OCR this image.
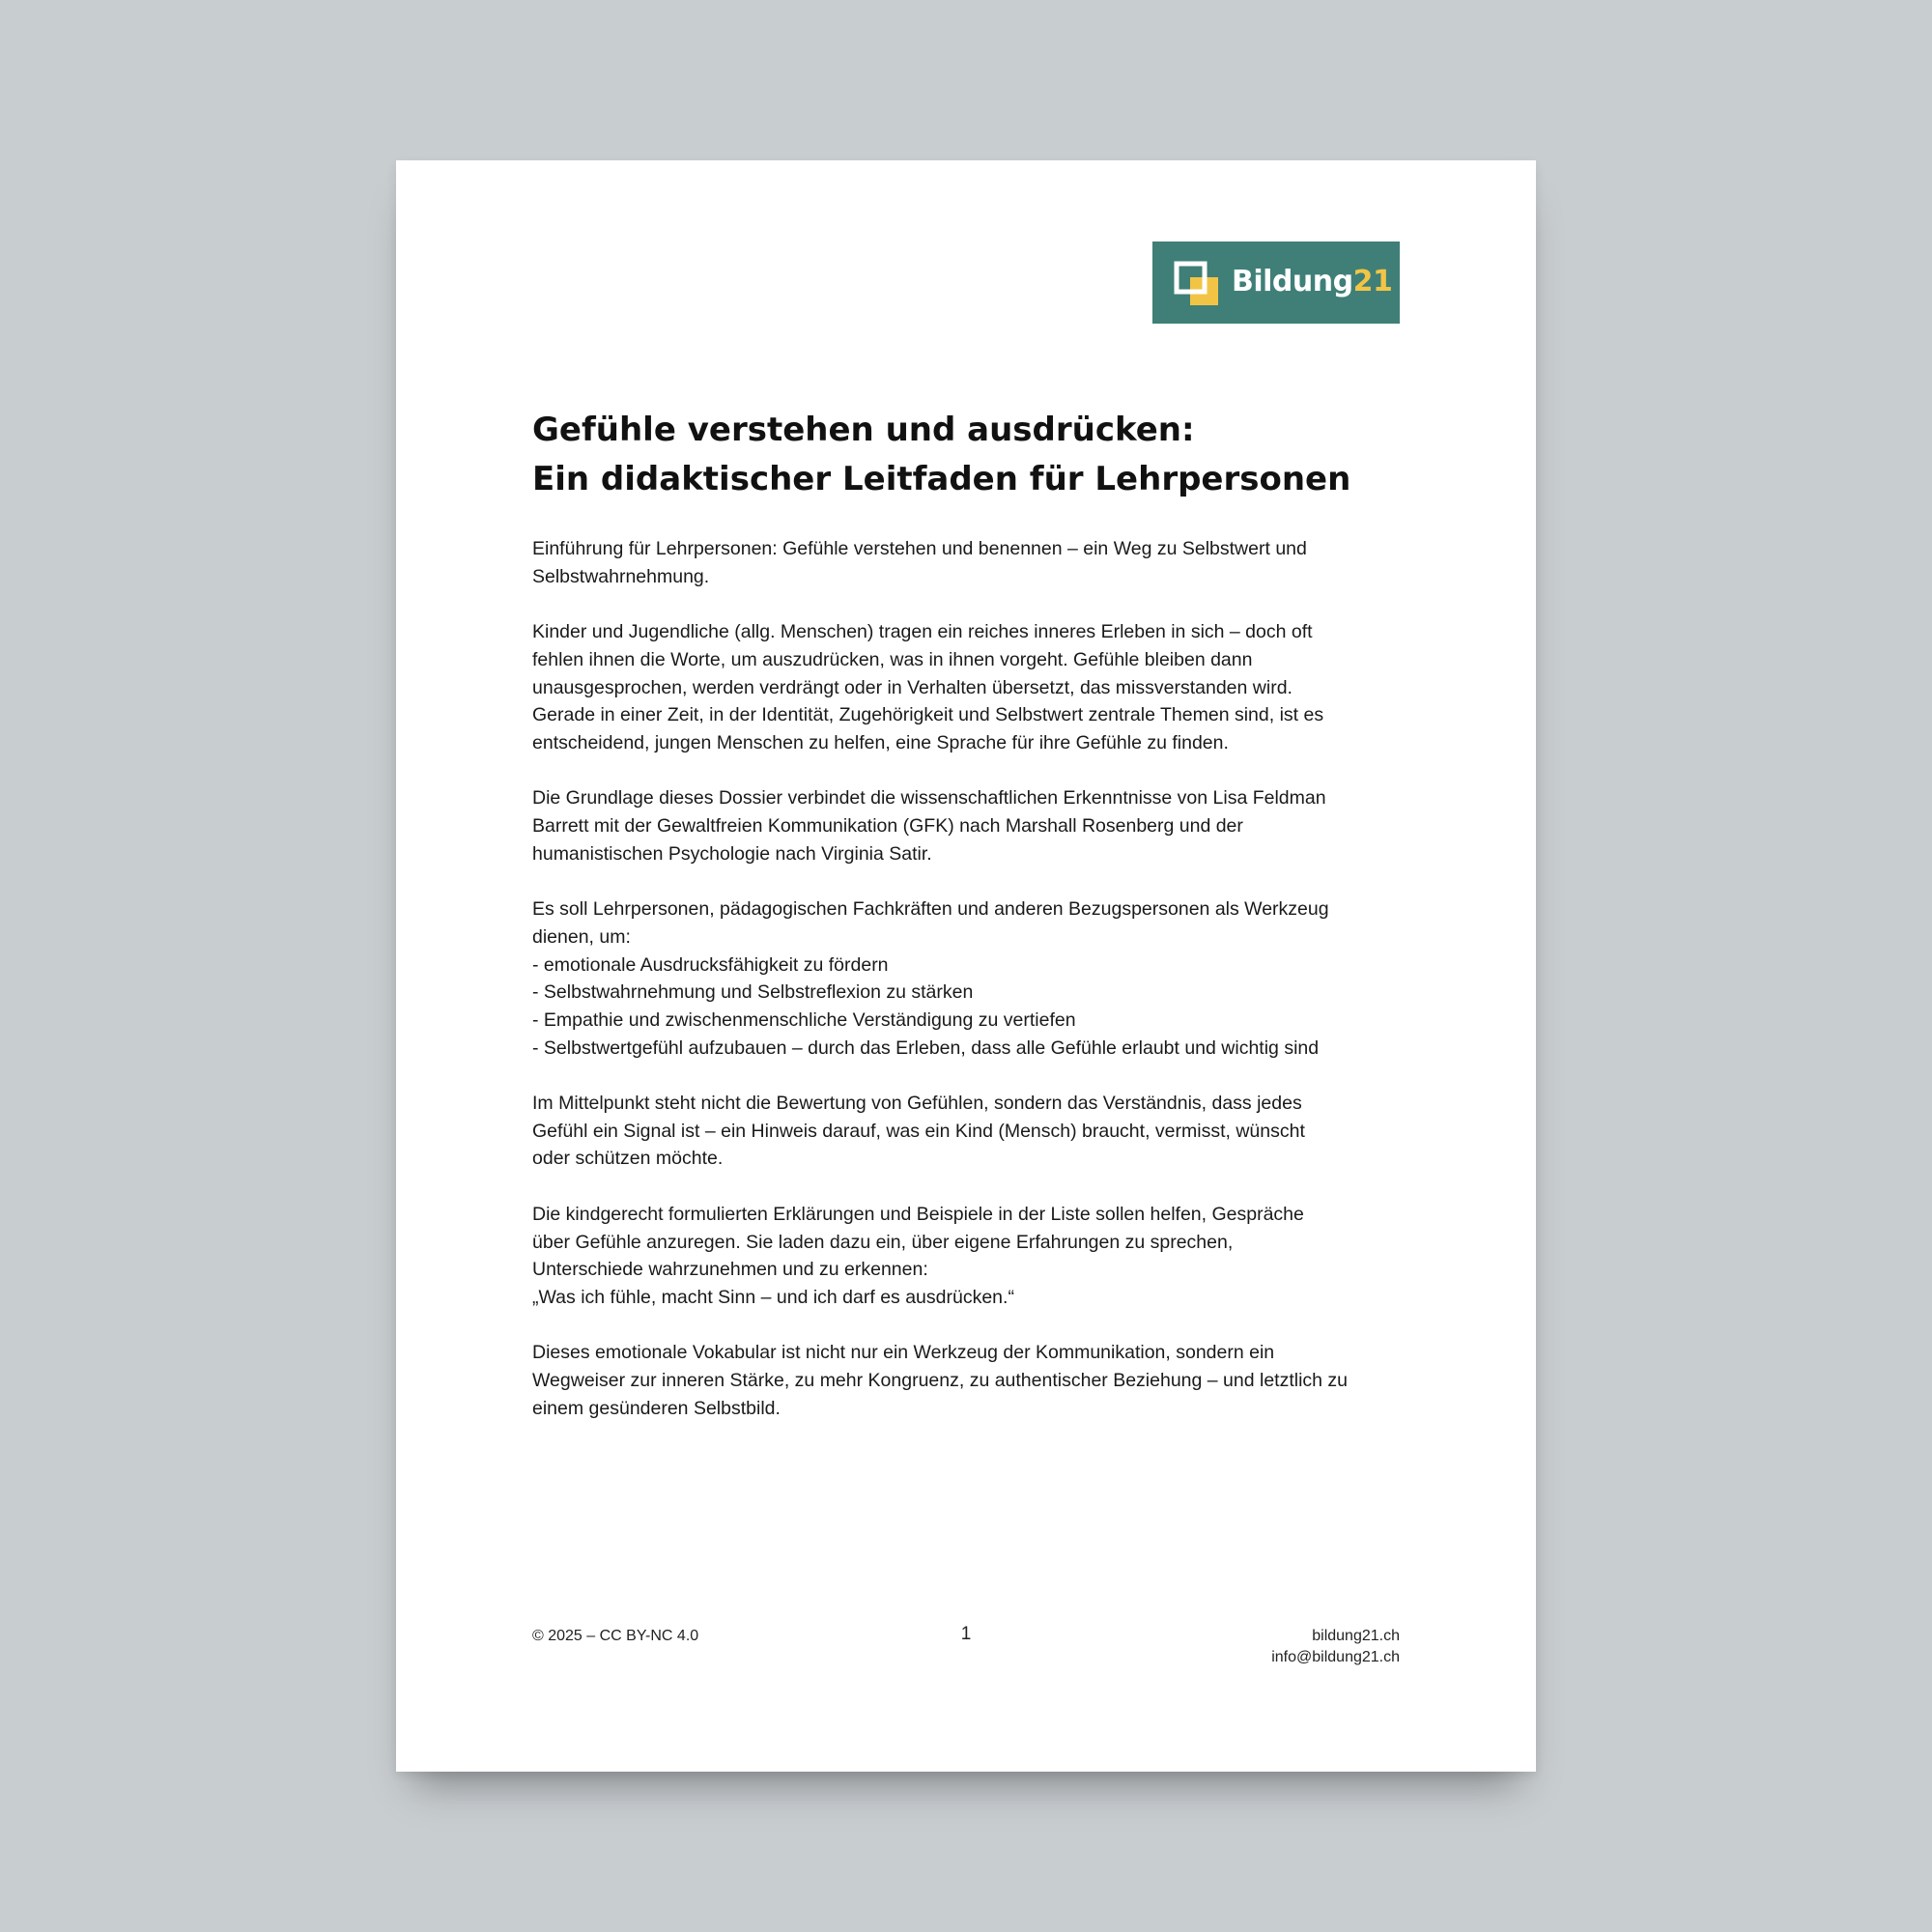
Bildung21
Gefühle verstehen und ausdrücken:
Ein didaktischer Leitfaden für Lehrpersonen

Einführung für Lehrpersonen: Gefühle verstehen und benennen – ein Weg zu Selbstwert und
Selbstwahrnehmung.

Kinder und Jugendliche (allg. Menschen) tragen ein reiches inneres Erleben in sich – doch oft
fehlen ihnen die Worte, um auszudrücken, was in ihnen vorgeht. Gefühle bleiben dann
unausgesprochen, werden verdrängt oder in Verhalten übersetzt, das missverstanden wird.
Gerade in einer Zeit, in der Identität, Zugehörigkeit und Selbstwert zentrale Themen sind, ist es
entscheidend, jungen Menschen zu helfen, eine Sprache für ihre Gefühle zu finden.

Die Grundlage dieses Dossier verbindet die wissenschaftlichen Erkenntnisse von Lisa Feldman
Barrett mit der Gewaltfreien Kommunikation (GFK) nach Marshall Rosenberg und der
humanistischen Psychologie nach Virginia Satir.

Es soll Lehrpersonen, pädagogischen Fachkräften und anderen Bezugspersonen als Werkzeug
dienen, um:
- emotionale Ausdrucksfähigkeit zu fördern
- Selbstwahrnehmung und Selbstreflexion zu stärken
- Empathie und zwischenmenschliche Verständigung zu vertiefen
- Selbstwertgefühl aufzubauen – durch das Erleben, dass alle Gefühle erlaubt und wichtig sind

Im Mittelpunkt steht nicht die Bewertung von Gefühlen, sondern das Verständnis, dass jedes
Gefühl ein Signal ist – ein Hinweis darauf, was ein Kind (Mensch) braucht, vermisst, wünscht
oder schützen möchte.

Die kindgerecht formulierten Erklärungen und Beispiele in der Liste sollen helfen, Gespräche
über Gefühle anzuregen. Sie laden dazu ein, über eigene Erfahrungen zu sprechen,
Unterschiede wahrzunehmen und zu erkennen:
„Was ich fühle, macht Sinn – und ich darf es ausdrücken.“

Dieses emotionale Vokabular ist nicht nur ein Werkzeug der Kommunikation, sondern ein
Wegweiser zur inneren Stärke, zu mehr Kongruenz, zu authentischer Beziehung – und letztlich zu
einem gesünderen Selbstbild.

© 2025 – CC BY-NC 4.0	1	bildung21.ch
info@bildung21.ch
